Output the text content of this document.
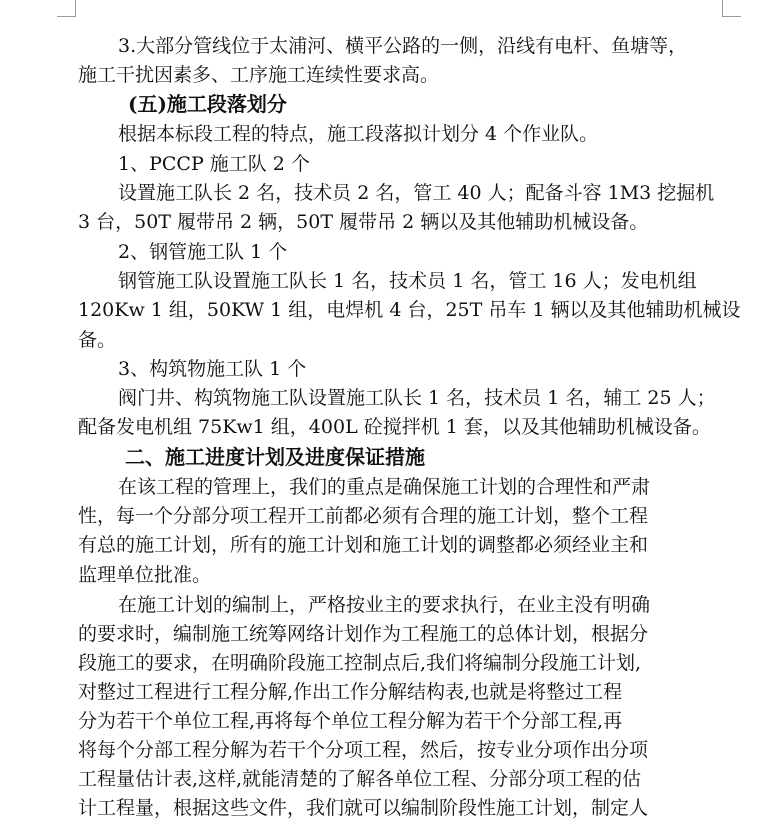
3.大部分管线位于太浦河、横平公路的一侧，沿线有电杆、鱼塘等，
施工干扰因素多、工序施工连续性要求高。
(五)施工段落划分
根据本标段工程的特点，施工段落拟计划分 4 个作业队。
1、PCCP 施工队 2 个
设置施工队长 2 名，技术员 2 名，管工 40 人；配备斗容 1M3 挖掘机
3 台，50T 履带吊 2 辆，50T 履带吊 2 辆以及其他辅助机械设备。
2、钢管施工队 1 个
钢管施工队设置施工队长 1 名，技术员 1 名，管工 16 人；发电机组
120Kw 1 组，50KW 1 组，电焊机 4 台，25T 吊车 1 辆以及其他辅助机械设
备。
3、构筑物施工队 1 个
阀门井、构筑物施工队设置施工队长 1 名，技术员 1 名，辅工 25 人；
配备发电机组 75Kw1 组，400L 砼搅拌机 1 套，以及其他辅助机械设备。
二、施工进度计划及进度保证措施
在该工程的管理上，我们的重点是确保施工计划的合理性和严肃
性，每一个分部分项工程开工前都必须有合理的施工计划，整个工程
有总的施工计划，所有的施工计划和施工计划的调整都必须经业主和
监理单位批准。
在施工计划的编制上，严格按业主的要求执行，在业主没有明确
的要求时，编制施工统筹网络计划作为工程施工的总体计划，根据分
段施工的要求，在明确阶段施工控制点后,我们将编制分段施工计划,
对整过工程进行工程分解,作出工作分解结构表,也就是将整过工程
分为若干个单位工程,再将每个单位工程分解为若干个分部工程,再
将每个分部工程分解为若干个分项工程，然后，按专业分项作出分项
工程量估计表,这样,就能清楚的了解各单位工程、分部分项工程的估
计工程量，根据这些文件，我们就可以编制阶段性施工计划，制定人
